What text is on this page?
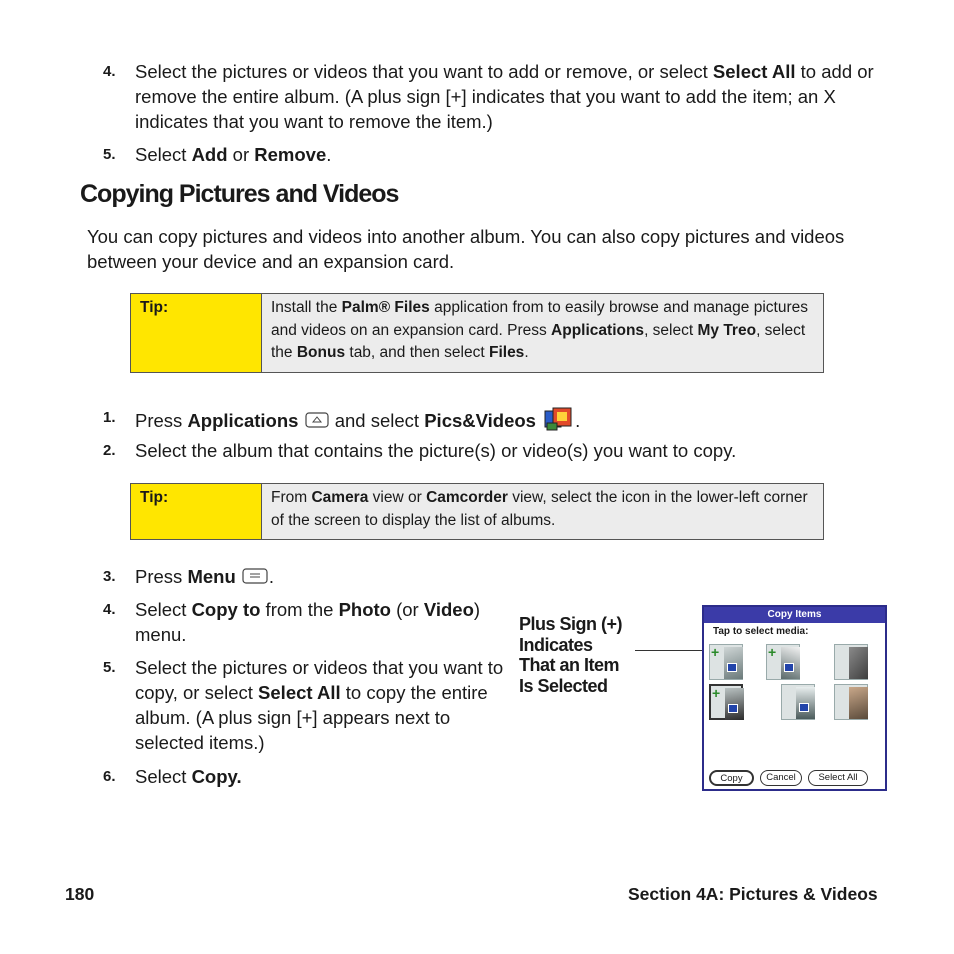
4. Select the pictures or videos that you want to add or remove, or select Select All to add or remove the entire album. (A plus sign [+] indicates that you want to add the item; an X indicates that you want to remove the item.)
5. Select Add or Remove.
Copying Pictures and Videos
You can copy pictures and videos into another album. You can also copy pictures and videos between your device and an expansion card.
Tip:	Install the Palm® Files application from to easily browse and manage pictures and videos on an expansion card. Press Applications, select My Treo, select the Bonus tab, and then select Files.
1. Press Applications  and select Pics&Videos .
2. Select the album that contains the picture(s) or video(s) you want to copy.
Tip:	From Camera view or Camcorder view, select the icon in the lower-left corner of the screen to display the list of albums.
3. Press Menu .
4. Select Copy to from the Photo (or Video) menu.
5. Select the pictures or videos that you want to copy, or select Select All to copy the entire album. (A plus sign [+] appears next to selected items.)
6. Select Copy.
Plus Sign (+)
Indicates
That an Item
Is Selected
Copy Items
Tap to select media:
+	+
+
Copy	Cancel	Select All
180	Section 4A: Pictures & Videos
